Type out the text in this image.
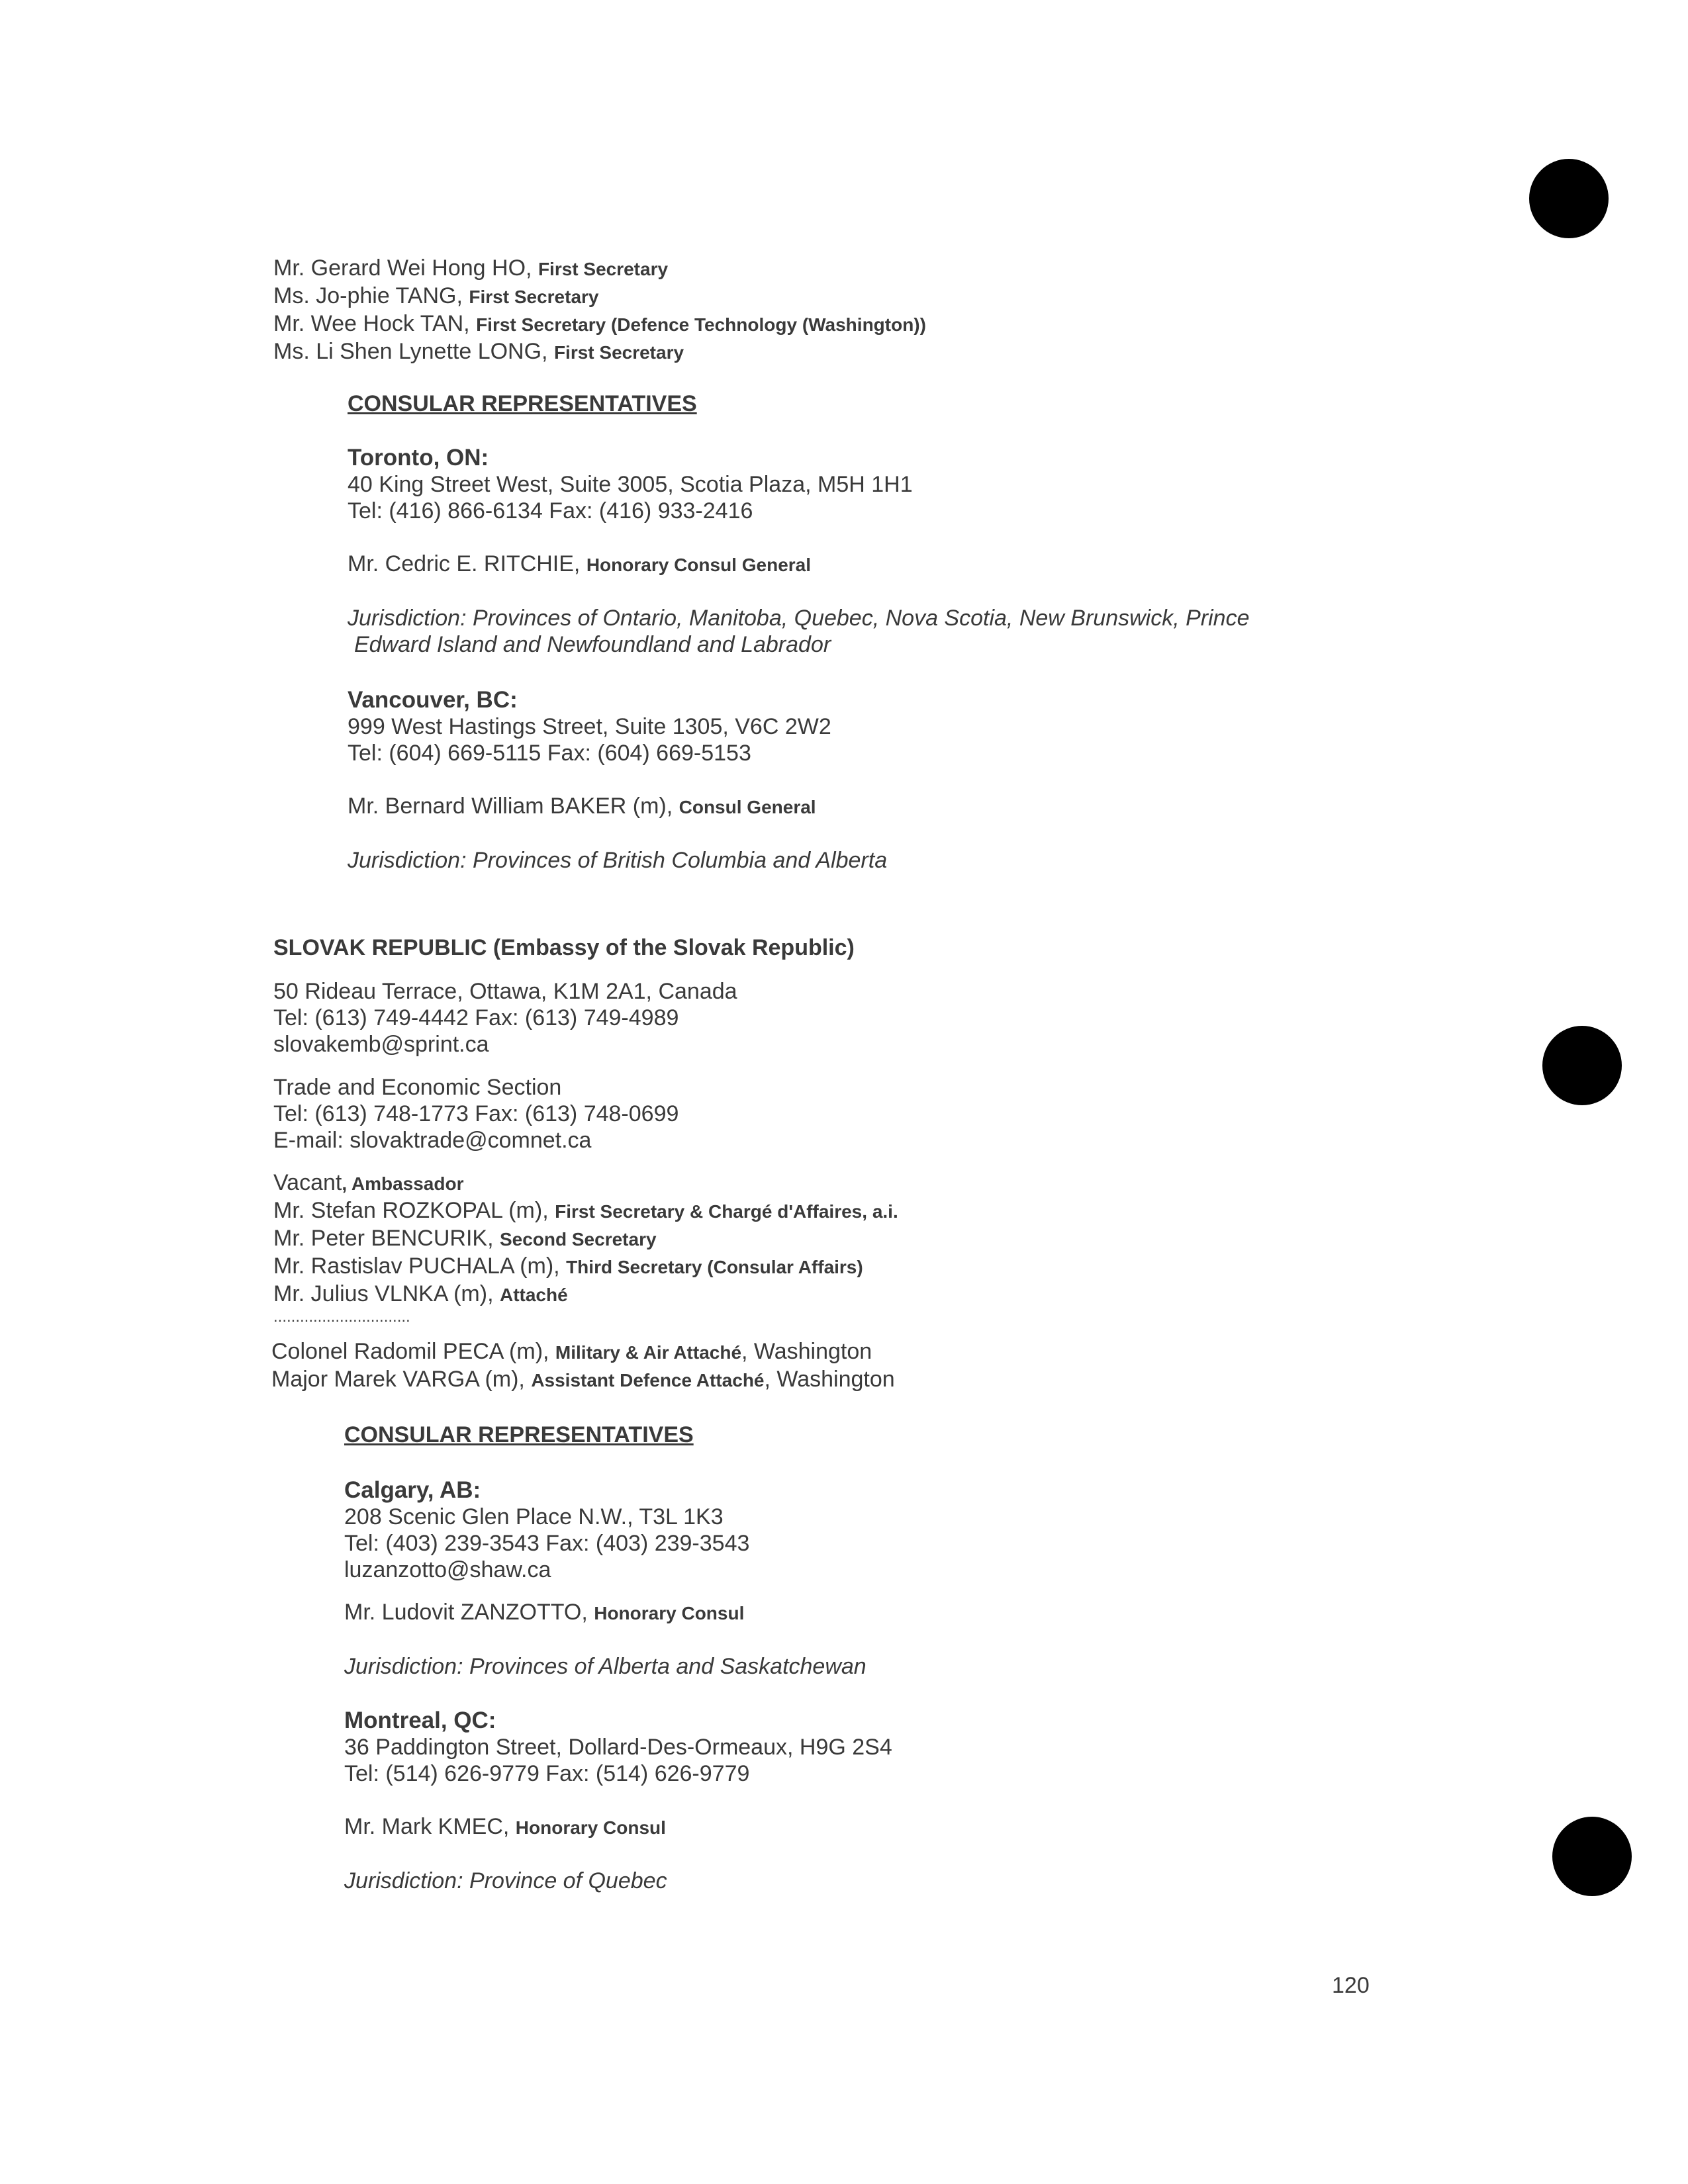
Mr. Gerard Wei Hong HO, First Secretary
Ms. Jo-phie TANG, First Secretary
Mr. Wee Hock TAN, First Secretary (Defence Technology (Washington))
Ms. Li Shen Lynette LONG, First Secretary
CONSULAR REPRESENTATIVES
Toronto, ON:
40 King Street West, Suite 3005, Scotia Plaza, M5H 1H1
Tel: (416) 866-6134 Fax: (416) 933-2416
Mr. Cedric E. RITCHIE, Honorary Consul General
Jurisdiction: Provinces of Ontario, Manitoba, Quebec, Nova Scotia, New Brunswick, Prince
Edward Island and Newfoundland and Labrador
Vancouver, BC:
999 West Hastings Street, Suite 1305, V6C 2W2
Tel: (604) 669-5115 Fax: (604) 669-5153
Mr. Bernard William BAKER (m), Consul General
Jurisdiction: Provinces of British Columbia and Alberta
SLOVAK REPUBLIC (Embassy of the Slovak Republic)
50 Rideau Terrace, Ottawa, K1M 2A1, Canada
Tel: (613) 749-4442 Fax: (613) 749-4989
slovakemb@sprint.ca
Trade and Economic Section
Tel: (613) 748-1773 Fax: (613) 748-0699
E-mail: slovaktrade@comnet.ca
Vacant, Ambassador
Mr. Stefan ROZKOPAL (m), First Secretary & Chargé d'Affaires, a.i.
Mr. Peter BENCURIK, Second Secretary
Mr. Rastislav PUCHALA (m), Third Secretary (Consular Affairs)
Mr. Julius VLNKA (m), Attaché
...............................
Colonel Radomil PECA (m), Military & Air Attaché, Washington
Major Marek VARGA (m), Assistant Defence Attaché, Washington
CONSULAR REPRESENTATIVES
Calgary, AB:
208 Scenic Glen Place N.W., T3L 1K3
Tel: (403) 239-3543 Fax: (403) 239-3543
luzanzotto@shaw.ca
Mr. Ludovit ZANZOTTO, Honorary Consul
Jurisdiction: Provinces of Alberta and Saskatchewan
Montreal, QC:
36 Paddington Street, Dollard-Des-Ormeaux, H9G 2S4
Tel: (514) 626-9779 Fax: (514) 626-9779
Mr. Mark KMEC, Honorary Consul
Jurisdiction: Province of Quebec
120
